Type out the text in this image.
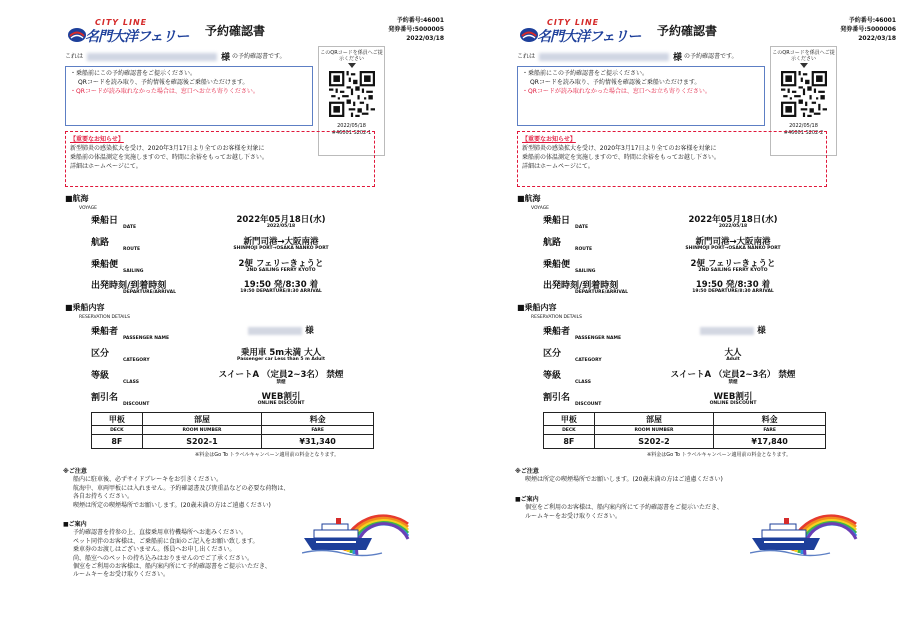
CITY LINE
名門大洋フェリー 予約確認書
予約番号:46001
発券番号:5000005
2022/03/18
これは	様 の予約確認書です。
・乗船前にこの予約確認書をご提示ください。
QRコードを読み取り、予約情報を確認後ご乗船いただけます。
・QRコードが読み取れなかった場合は、窓口へお立ち寄りください。
このQRコードを係員へご提示ください
2022/05/18
#46001 S202-1
【重要なお知らせ】
新型肺炎の感染拡大を受け、2020年3月17日より全てのお客様を対象に
乗船前の体温測定を実施しますので、時間に余裕をもってお越し下さい。
詳細はホームページにて。
■航海
VOYAGE
乗船日
DATE
2022年05月18日(水)
2022/05/18
航路
ROUTE
新門司港→大阪南港
SHINMOJI PORT→OSAKA NANKO PORT
乗船便
SAILING
2便 フェリーきょうと
2ND SAILING FERRY KYOTO
出発時刻/到着時刻
DEPARTURE/ARRIVAL
19:50 発/8:30 着
19:50 DEPARTURE/8:30 ARRIVAL
■乗船内容
RESERVATION DETAILS
乗船者
PASSENGER NAME
様
区分
CATEGORY
乗用車 5m未満 大人
Passenger car Less than 5 m Adult
等級
CLASS
スイートA （定員2~3名） 禁煙
禁煙
割引名
DISCOUNT
WEB割引
ONLINE DISCOUNT
甲板	部屋	料金
DECK	ROOM NUMBER	FARE
8F	S202-1	¥31,340
※料金はGo To トラベルキャンペーン適用前の料金となります。
※ご注意
船内に駐車後、必ずサイドブレーキをお引きください。
航海中、車両甲板には入れません。予約確認書及び貴重品などの必要な荷物は、
各自お持ちください。
喫煙は所定の喫煙場所でお願いします。(20歳未満の方はご遠慮ください)
■ご案内
予約確認書を持参の上、直接乗用車待機場所へお進みください。
ペット同伴のお客様は、ご乗船前に食面のご記入をお願い致します。
乗車券のお渡しはございません。係員へお申し出ください。
尚、船室へのペットの持ち込みはおりませんのでご了承ください。
個室をご利用のお客様は、船内案内所にて予約確認書をご提示いただき、
ルームキーをお受け取りください。
CITY LINE
名門大洋フェリー 予約確認書
予約番号:46001
発券番号:5000006
2022/03/18
これは	様 の予約確認書です。
・乗船前にこの予約確認書をご提示ください。
QRコードを読み取り、予約情報を確認後ご乗船いただけます。
・QRコードが読み取れなかった場合は、窓口へお立ち寄りください。
このQRコードを係員へご提示ください
2022/05/18
#46001 S202-2
【重要なお知らせ】
新型肺炎の感染拡大を受け、2020年3月17日より全てのお客様を対象に
乗船前の体温測定を実施しますので、時間に余裕をもってお越し下さい。
詳細はホームページにて。
■航海
VOYAGE
乗船日
DATE
2022年05月18日(水)
2022/05/18
航路
ROUTE
新門司港→大阪南港
SHINMOJI PORT→OSAKA NANKO PORT
乗船便
SAILING
2便 フェリーきょうと
2ND SAILING FERRY KYOTO
出発時刻/到着時刻
DEPARTURE/ARRIVAL
19:50 発/8:30 着
19:50 DEPARTURE/8:30 ARRIVAL
■乗船内容
RESERVATION DETAILS
乗船者
PASSENGER NAME
様
区分
CATEGORY
大人
Adult
等級
CLASS
スイートA （定員2~3名） 禁煙
禁煙
割引名
DISCOUNT
WEB割引
ONLINE DISCOUNT
甲板	部屋	料金
DECK	ROOM NUMBER	FARE
8F	S202-2	¥17,840
※料金はGo To トラベルキャンペーン適用前の料金となります。
※ご注意
喫煙は所定の喫煙場所でお願いします。(20歳未満の方はご遠慮ください)
■ご案内
個室をご利用のお客様は、船内案内所にて予約確認書をご提示いただき、
ルームキーをお受け取りください。
